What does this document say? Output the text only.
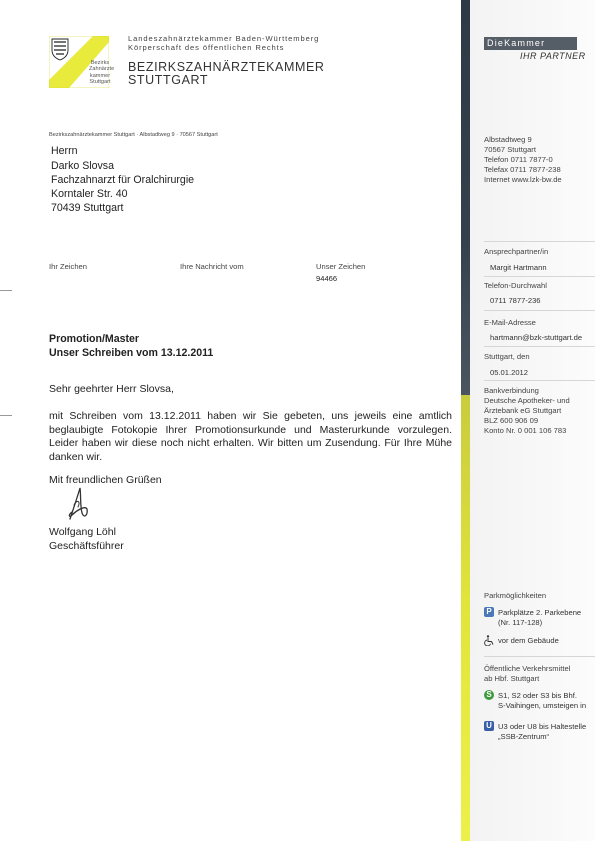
Bezirks
Zahnärzte
kammer
Stuttgart
Landeszahnärztekammer Baden-Württemberg
Körperschaft des öffentlichen Rechts
BEZIRKSZAHNÄRZTEKAMMER
STUTTGART
DieKammer
IHR PARTNER
Bezirkszahnärztekammer Stuttgart · Albstadtweg 9 · 70567 Stuttgart
Herrn
Darko Slovsa
Fachzahnarzt für Oralchirurgie
Korntaler Str. 40
70439 Stuttgart
Albstadtweg 9
70567 Stuttgart
Telefon 0711 7877-0
Telefax 0711 7877-238
Internet www.lzk-bw.de
Ihr Zeichen	Ihre Nachricht vom	Unser Zeichen
94466
Ansprechpartner/in
Margit Hartmann
Telefon-Durchwahl
0711 7877-236
E-Mail-Adresse
hartmann@bzk-stuttgart.de
Stuttgart, den
05.01.2012
Bankverbindung
Deutsche Apotheker- und
Ärztebank eG Stuttgart
BLZ 600 906 09
Konto Nr. 0 001 106 783
Promotion/Master
Unser Schreiben vom 13.12.2011
Sehr geehrter Herr Slovsa,
mit Schreiben vom 13.12.2011 haben wir Sie gebeten, uns jeweils eine amtlich beglaubigte Fotokopie Ihrer Promotionsurkunde und Masterurkunde vorzulegen. Leider haben wir diese noch nicht erhalten. Wir bitten um Zusendung. Für Ihre Mühe danken wir.
Mit freundlichen Grüßen
Wolfgang Löhl
Geschäftsführer
Parkmöglichkeiten
P Parkplätze 2. Parkebene
(Nr. 117-128)
vor dem Gebäude
Öffentliche Verkehrsmittel
ab Hbf. Stuttgart
S S1, S2 oder S3 bis Bhf.
S-Vaihingen, umsteigen in
U U3 oder U8 bis Haltestelle
„SSB-Zentrum“
